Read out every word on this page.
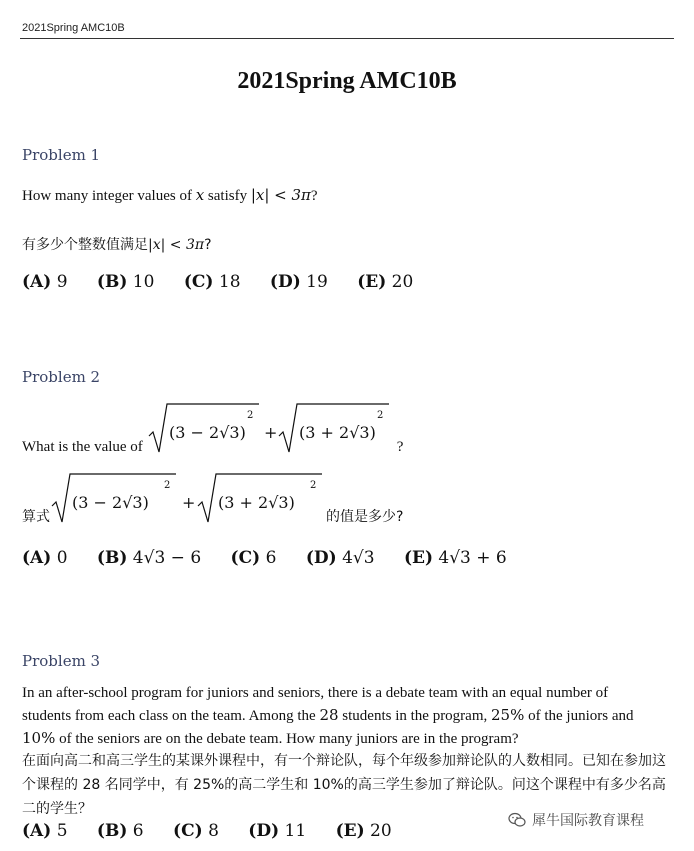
2021Spring AMC10B
2021Spring AMC10B
Problem 1
How many integer values of x satisfy |x| < 3π?
有多少个整数值满足|x| < 3π?
(A) 9 (B) 10 (C) 18 (D) 19 (E) 20
Problem 2
What is the value of
(3 − 2√3)
2
+ (3 + 2√3)
2
?
算式
(3 − 2√3)
2
+ (3 + 2√3)
2
的值是多少?
(A) 0 (B) 4√3 − 6 (C) 6 (D) 4√3 (E) 4√3 + 6
Problem 3
In an after-school program for juniors and seniors, there is a debate team with an equal number of students from each class on the team. Among the 28 students in the program, 25% of the juniors and 10% of the seniors are on the debate team. How many juniors are in the program?
在面向高二和高三学生的某课外课程中，有一个辩论队，每个年级参加辩论队的人数相同。已知在参加这个课程的 28 名同学中，有 25%的高二学生和 10%的高三学生参加了辩论队。问这个课程中有多少名高二的学生？
(A) 5 (B) 6 (C) 8 (D) 11 (E) 20	犀牛国际教育课程
